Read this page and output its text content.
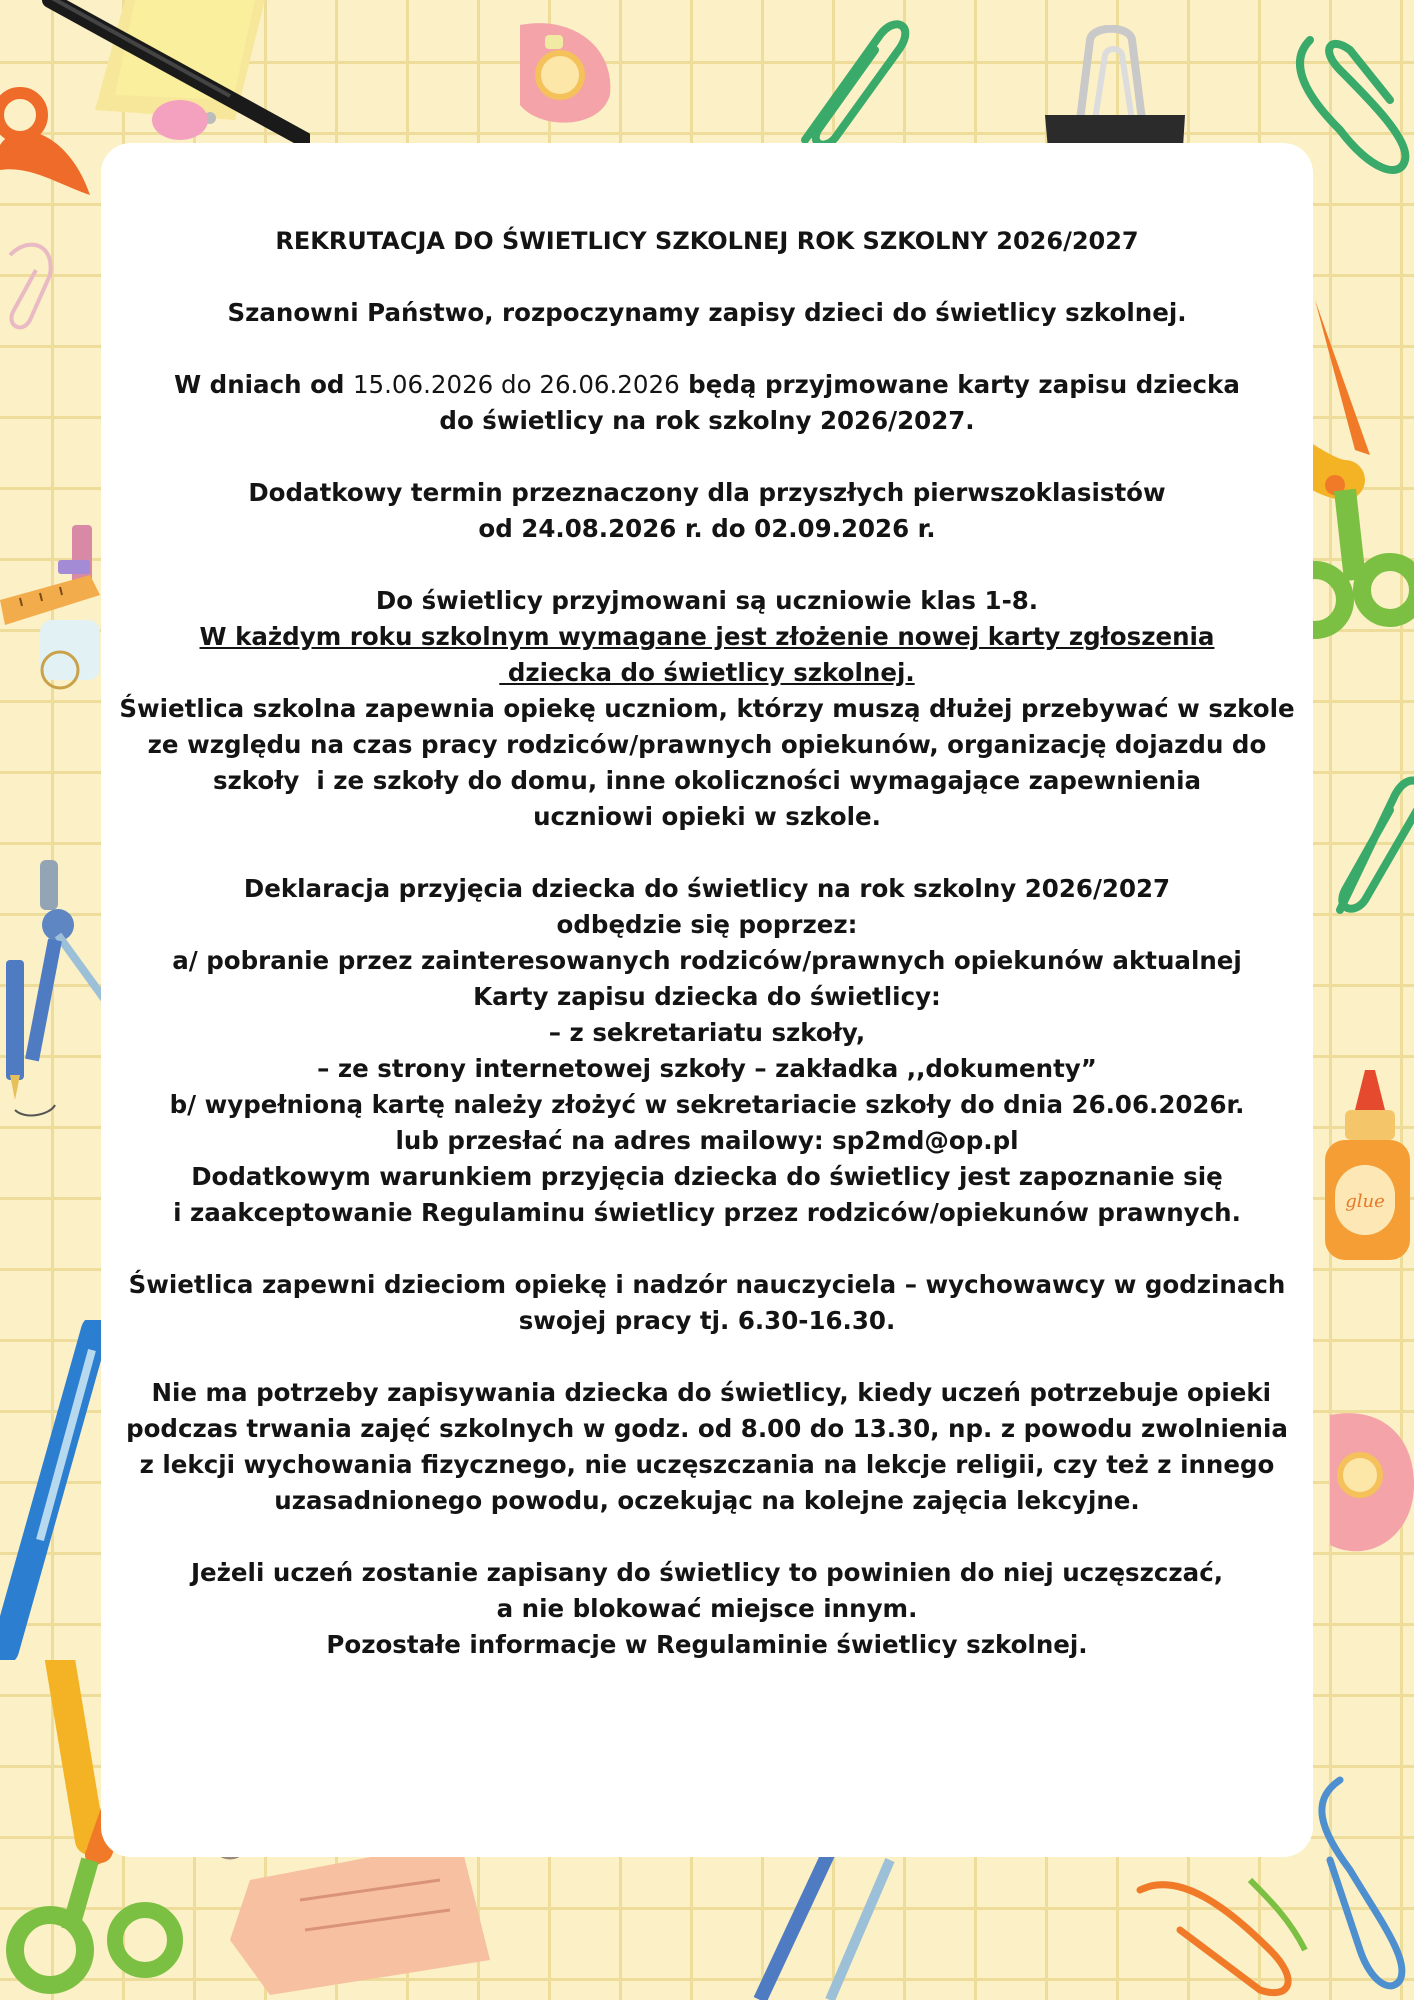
glue
REKRUTACJA DO ŚWIETLICY SZKOLNEJ ROK SZKOLNY 2026/2027
Szanowni Państwo, rozpoczynamy zapisy dzieci do świetlicy szkolnej.
W dniach od 15.06.2026 do 26.06.2026 będą przyjmowane karty zapisu dziecka
do świetlicy na rok szkolny 2026/2027.
Dodatkowy termin przeznaczony dla przyszłych pierwszoklasistów
od 24.08.2026 r. do 02.09.2026 r.
Do świetlicy przyjmowani są uczniowie klas 1-8.
W każdym roku szkolnym wymagane jest złożenie nowej karty zgłoszenia
dziecka do świetlicy szkolnej.
Świetlica szkolna zapewnia opiekę uczniom, którzy muszą dłużej przebywać w szkole
ze względu na czas pracy rodziców/prawnych opiekunów, organizację dojazdu do
szkoły  i ze szkoły do domu, inne okoliczności wymagające zapewnienia
uczniowi opieki w szkole.
Deklaracja przyjęcia dziecka do świetlicy na rok szkolny 2026/2027
odbędzie się poprzez:
a/ pobranie przez zainteresowanych rodziców/prawnych opiekunów aktualnej
Karty zapisu dziecka do świetlicy:
– z sekretariatu szkoły,
– ze strony internetowej szkoły – zakładka ,,dokumenty”
b/ wypełnioną kartę należy złożyć w sekretariacie szkoły do dnia 26.06.2026r.
lub przesłać na adres mailowy: sp2md@op.pl
Dodatkowym warunkiem przyjęcia dziecka do świetlicy jest zapoznanie się
i zaakceptowanie Regulaminu świetlicy przez rodziców/opiekunów prawnych.
Świetlica zapewni dzieciom opiekę i nadzór nauczyciela – wychowawcy w godzinach
swojej pracy tj. 6.30-16.30.
Nie ma potrzeby zapisywania dziecka do świetlicy, kiedy uczeń potrzebuje opieki
podczas trwania zajęć szkolnych w godz. od 8.00 do 13.30, np. z powodu zwolnienia
z lekcji wychowania fizycznego, nie uczęszczania na lekcje religii, czy też z innego
uzasadnionego powodu, oczekując na kolejne zajęcia lekcyjne.
Jeżeli uczeń zostanie zapisany do świetlicy to powinien do niej uczęszczać,
a nie blokować miejsce innym.
Pozostałe informacje w Regulaminie świetlicy szkolnej.
